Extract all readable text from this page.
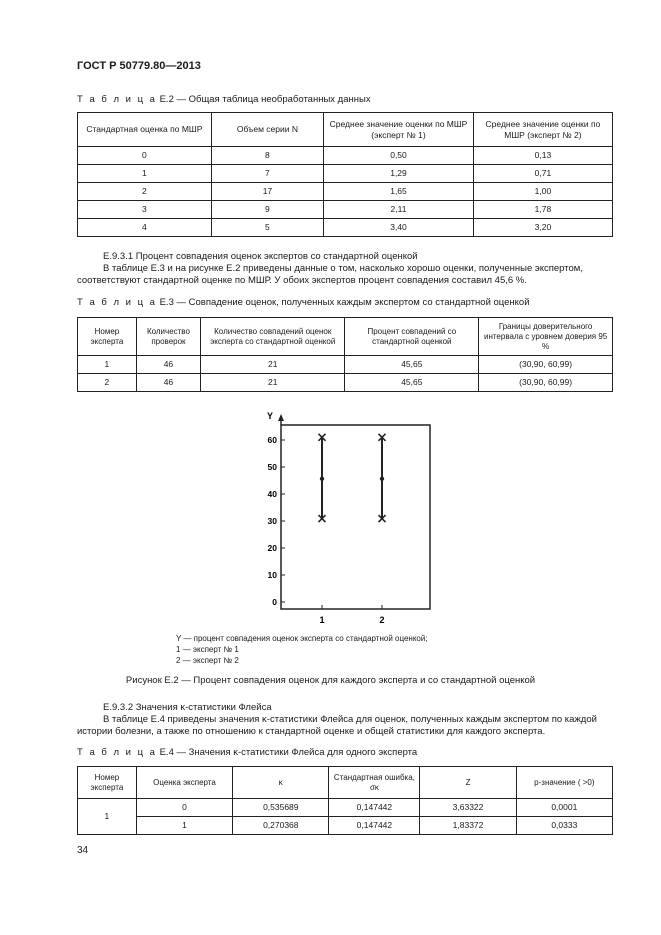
ГОСТ Р 50779.80—2013
Т а б л и ц а Е.2 — Общая таблица необработанных данных
Стандартная оценка по МШР	Объем серии N	Среднее значение оценки по МШР (эксперт № 1)	Среднее значение оценки по МШР (эксперт № 2)
0	8	0,50	0,13
1	7	1,29	0,71
2	17	1,65	1,00
3	9	2,11	1,78
4	5	3,40	3,20

Е.9.3.1 Процент совпадения оценок экспертов со стандартной оценкой

В таблице Е.3 и на рисунке Е.2 приведены данные о том, насколько хорошо оценки, полученные экспертом, соответствуют стандартной оценке по МШР. У обоих экспертов процент совпадения составил 45,6 %.

Т а б л и ц а Е.3 — Совпадение оценок, полученных каждым экспертом со стандартной оценкой
Номер эксперта	Количество проверок	Количество совпадений оценок эксперта со стандартной оценкой	Процент совпадений со стандартной оценкой	Границы доверительного интервала с уровнем доверия 95 %
1	46	21	45,65	(30,90, 60,99)
2	46	21	45,65	(30,90, 60,99)
Y
0
10
20
30
40
50
60
1	2
Y — процент совпадения оценок эксперта со стандартной оценкой;
1 — эксперт № 1
2 — эксперт № 2
Рисунок Е.2 — Процент совпадения оценок для каждого эксперта и со стандартной оценкой

Е.9.3.2 Значения κ-статистики Флейса

В таблице Е.4 приведены значения κ-статистики Флейса для оценок, полученных каждым экспертом по каждой истории болезни, а также по отношению к стандартной оценке и общей статистики для каждого эксперта.

Т а б л и ц а Е.4 — Значения κ-статистики Флейса для одного эксперта
Номер эксперта	Оценка эксперта	κ	Стандартная ошибка, σκ	Z	p-значение ( >0)
1	0	0,535689	0,147442	3,63322	0,0001
	1	0,270368	0,147442	1,83372	0,0333
34
